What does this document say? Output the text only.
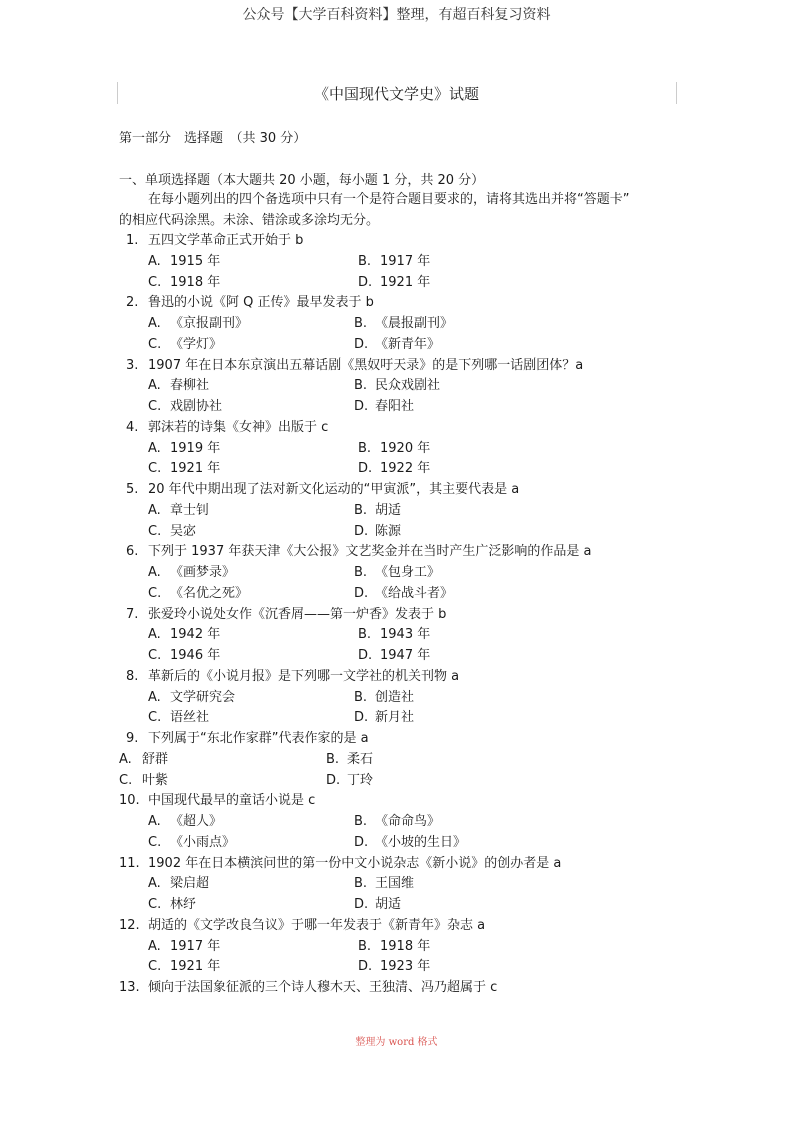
公众号【大学百科资料】整理，有超百科复习资料
《中国现代文学史》试题
第一部分　选择题　（共 30 分）
一、单项选择题（本大题共 20 小题，每小题 1 分，共 20 分）
在每小题列出的四个备选项中只有一个是符合题目要求的，请将其选出并将“答题卡”
的相应代码涂黑。未涂、错涂或多涂均无分。
1. 五四文学革命正式开始于 b
A. 1915 年	B. 1917 年
C. 1918 年	D. 1921 年
2. 鲁迅的小说《阿 Q 正传》最早发表于 b
A. 《京报副刊》	B. 《晨报副刊》
C. 《学灯》	D. 《新青年》
3. 1907 年在日本东京演出五幕话剧《黑奴吁天录》的是下列哪一话剧团体？a
A. 春柳社	B. 民众戏剧社
C. 戏剧协社	D. 春阳社
4. 郭沫若的诗集《女神》出版于 c
A. 1919 年	B. 1920 年
C. 1921 年	D. 1922 年
5. 20 年代中期出现了法对新文化运动的“甲寅派”，其主要代表是 a
A. 章士钊	B. 胡适
C. 吴宓	D. 陈源
6. 下列于 1937 年获天津《大公报》文艺奖金并在当时产生广泛影响的作品是 a
A. 《画梦录》	B. 《包身工》
C. 《名优之死》	D. 《给战斗者》
7. 张爱玲小说处女作《沉香屑——第一炉香》发表于 b
A. 1942 年	B. 1943 年
C. 1946 年	D. 1947 年
8. 革新后的《小说月报》是下列哪一文学社的机关刊物 a
A. 文学研究会	B. 创造社
C. 语丝社	D. 新月社
9. 下列属于“东北作家群”代表作家的是 a
A. 舒群	B. 柔石
C. 叶紫	D. 丁玲
10. 中国现代最早的童话小说是 c
A. 《超人》	B. 《命命鸟》
C. 《小雨点》	D. 《小坡的生日》
11. 1902 年在日本横滨问世的第一份中文小说杂志《新小说》的创办者是 a
A. 梁启超	B. 王国维
C. 林纾	D. 胡适
12. 胡适的《文学改良刍议》于哪一年发表于《新青年》杂志 a
A. 1917 年	B. 1918 年
C. 1921 年	D. 1923 年
13. 倾向于法国象征派的三个诗人穆木天、王独清、冯乃超属于 c
整理为 word 格式
